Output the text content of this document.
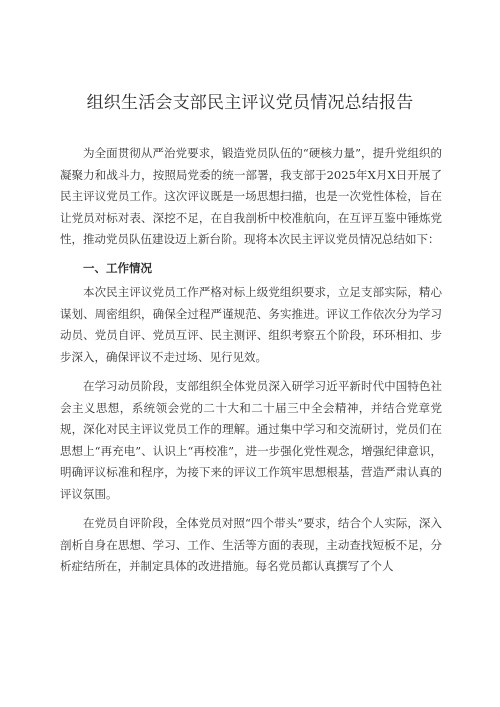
组织生活会支部民主评议党员情况总结报告

为全面贯彻从严治党要求，锻造党员队伍的“硬核力量”，提升党组织的凝聚力和战斗力，按照局党委的统一部署，我支部于2025年X月X日开展了民主评议党员工作。这次评议既是一场思想扫描，也是一次党性体检，旨在让党员对标对表、深挖不足，在自我剖析中校准航向，在互评互鉴中锤炼党性，推动党员队伍建设迈上新台阶。现将本次民主评议党员情况总结如下：

一、工作情况

本次民主评议党员工作严格对标上级党组织要求，立足支部实际，精心谋划、周密组织，确保全过程严谨规范、务实推进。评议工作依次分为学习动员、党员自评、党员互评、民主测评、组织考察五个阶段，环环相扣、步步深入，确保评议不走过场、见行见效。

在学习动员阶段，支部组织全体党员深入研学习近平新时代中国特色社会主义思想，系统领会党的二十大和二十届三中全会精神，并结合党章党规，深化对民主评议党员工作的理解。通过集中学习和交流研讨，党员们在思想上“再充电”、认识上“再校准”，进一步强化党性观念，增强纪律意识，明确评议标准和程序，为接下来的评议工作筑牢思想根基，营造严肃认真的评议氛围。

在党员自评阶段，全体党员对照“四个带头”要求，结合个人实际，深入剖析自身在思想、学习、工作、生活等方面的表现，主动查找短板不足，分析症结所在，并制定具体的改进措施。每名党员都认真撰写了个人
